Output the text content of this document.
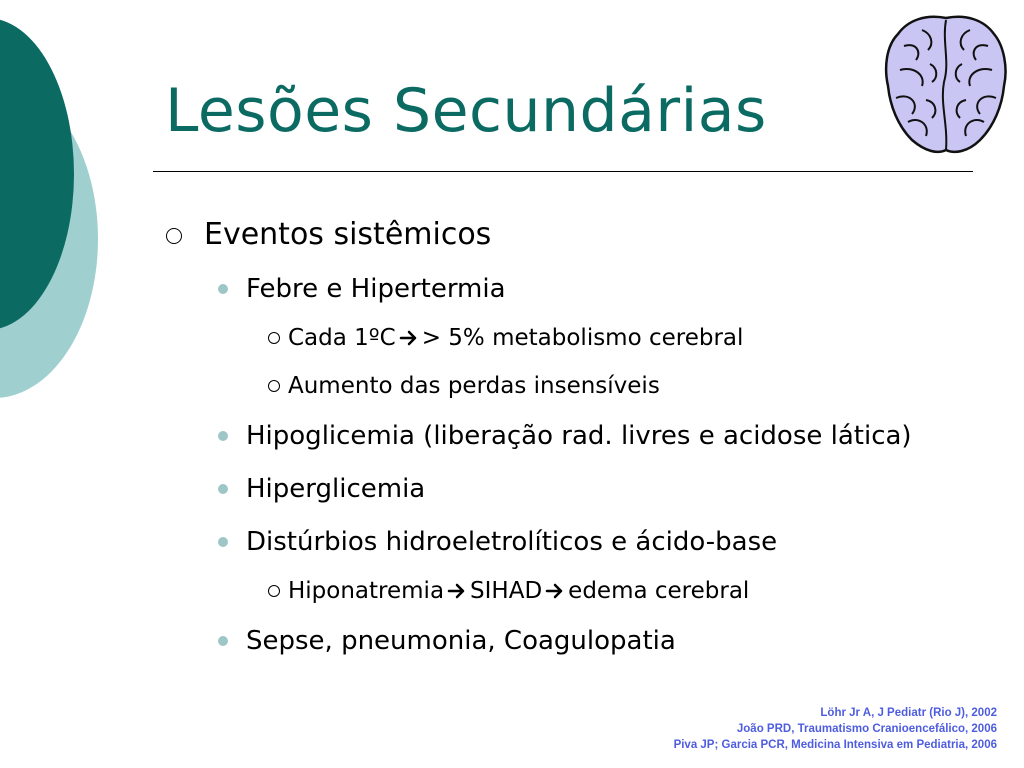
Lesões Secundárias
Eventos sistêmicos
Febre e Hipertermia
Cada 1ºC > 5% metabolismo cerebral
Aumento das perdas insensíveis
Hipoglicemia (liberação rad. livres e acidose lática)
Hiperglicemia
Distúrbios hidroeletrolíticos e ácido-base
Hiponatremia SIHAD edema cerebral
Sepse, pneumonia, Coagulopatia
Löhr Jr A, J Pediatr (Rio J), 2002
João PRD, Traumatismo Cranioencefálico, 2006
Piva JP; Garcia PCR, Medicina Intensiva em Pediatria, 2006
